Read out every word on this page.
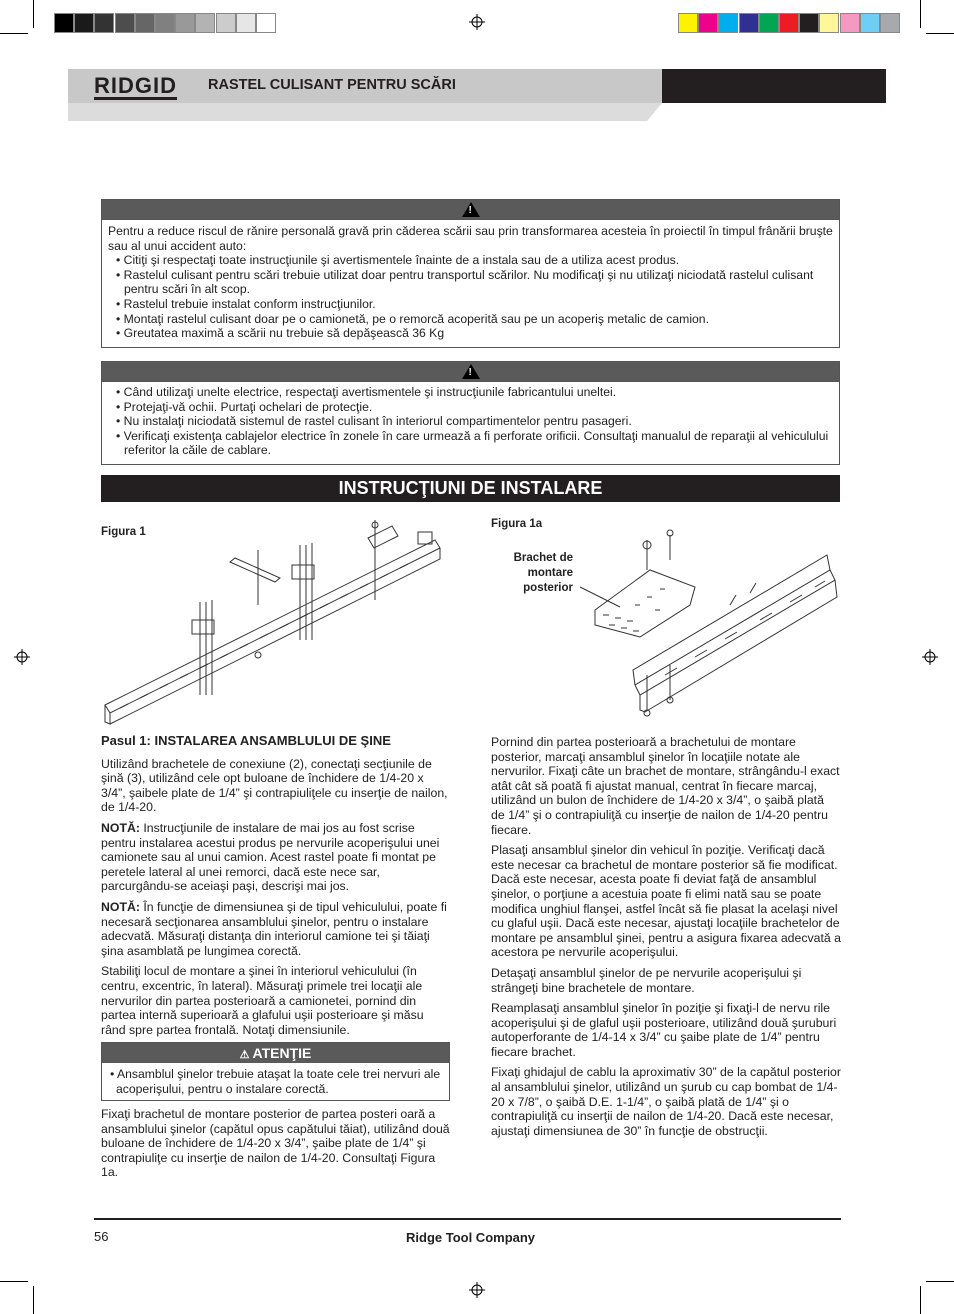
RIDGID RASTEL CULISANT PENTRU SCĂRI
!
Pentru a reduce riscul de rănire personală gravă prin căderea scării sau prin transformarea acesteia în proiectil în timpul frânării bruşte sau al unui accident auto:
• Citiţi şi respectaţi toate instrucţiunile şi avertismentele înainte de a instala sau de a utiliza acest produs.
• Rastelul culisant pentru scări trebuie utilizat doar pentru transportul scărilor. Nu modificaţi şi nu utilizaţi niciodată rastelul culisant pentru scări în alt scop.
• Rastelul trebuie instalat conform instrucţiunilor.
• Montaţi rastelul culisant doar pe o camionetă, pe o remorcă acoperită sau pe un acoperiş metalic de camion.
• Greutatea maximă a scării nu trebuie să depăşească 36 Kg
!
• Când utilizaţi unelte electrice, respectaţi avertismentele şi instrucţiunile fabricantului uneltei.
• Protejaţi-vă ochii. Purtaţi ochelari de protecţie.
• Nu instalaţi niciodată sistemul de rastel culisant în interiorul compartimentelor pentru pasageri.
• Verificaţi existenţa cablajelor electrice în zonele în care urmează a fi perforate orificii. Consultaţi manualul de reparaţii al vehiculului referitor la căile de cablare.
INSTRUCŢIUNI DE INSTALARE
Figura 1
Figura 1a
Brachet de
montare
posterior
Pasul 1: INSTALAREA ANSAMBLULUI DE ŞINE

Utilizând brachetele de conexiune (2), conectaţi secţiunile de şină (3), utilizând cele opt buloane de închidere de 1/4-20 x 3/4”, şaibele plate de 1/4” şi contrapiuliţele cu inserţie de nailon, de 1/4-20.

NOTĂ: Instrucţiunile de instalare de mai jos au fost scrise pentru instalarea acestui produs pe nervurile acoperişului unei camionete sau al unui camion. Acest rastel poate fi montat pe peretele lateral al unei remorci, dacă este nece sar, parcurgându-se aceiaşi paşi, descrişi mai jos.

NOTĂ: În funcţie de dimensiunea şi de tipul vehiculului, poate fi necesară secţionarea ansamblului şinelor, pentru o instalare adecvată. Măsuraţi distanţa din interiorul camione tei şi tăiaţi şina asamblată pe lungimea corectă.

Stabiliţi locul de montare a şinei în interiorul vehiculului (în centru, excentric, în lateral). Măsuraţi primele trei locaţii ale nervurilor din partea posterioară a camionetei, pornind din partea internă superioară a glafului uşii posterioare şi măsu rând spre partea frontală. Notaţi dimensiunile.

⚠ ATENŢIE
• Ansamblul şinelor trebuie ataşat la toate cele trei nervuri ale acoperişului, pentru o instalare corectă.

Fixaţi brachetul de montare posterior de partea posteri oară a ansamblului şinelor (capătul opus capătului tăiat), utilizând două buloane de închidere de 1/4-20 x 3/4”, şaibe plate de 1/4” şi contrapiuliţe cu inserţie de nailon de 1/4-20. Consultaţi Figura 1a.

Pornind din partea posterioară a brachetului de montare posterior, marcaţi ansamblul şinelor în locaţiile notate ale nervurilor. Fixaţi câte un brachet de montare, strângându-l exact atât cât să poată fi ajustat manual, centrat în fiecare marcaj, utilizând un bulon de închidere de 1/4-20 x 3/4”, o şaibă plată de 1/4” şi o contrapiuliţă cu inserţie de nailon de 1/4-20 pentru fiecare.

Plasaţi ansamblul şinelor din vehicul în poziţie. Verificaţi dacă este necesar ca brachetul de montare posterior să fie modificat. Dacă este necesar, acesta poate fi deviat faţă de ansamblul şinelor, o porţiune a acestuia poate fi elimi nată sau se poate modifica unghiul flanşei, astfel încât să fie plasat la acelaşi nivel cu glaful uşii. Dacă este necesar, ajustaţi locaţiile brachetelor de montare pe ansamblul şinei, pentru a asigura fixarea adecvată a acestora pe nervurile acoperişului.

Detaşaţi ansamblul şinelor de pe nervurile acoperişului şi strângeţi bine brachetele de montare.

Reamplasaţi ansamblul şinelor în poziţie şi fixaţi-l de nervu rile acoperişului şi de glaful uşii posterioare, utilizând două şuruburi autoperforante de 1/4-14 x 3/4” cu şaibe plate de 1/4” pentru fiecare brachet.

Fixaţi ghidajul de cablu la aproximativ 30” de la capătul posterior al ansamblului şinelor, utilizând un şurub cu cap bombat de 1/4-20 x 7/8”, o şaibă D.E. 1-1/4”, o şaibă plată de 1/4” şi o contrapiuliţă cu inserţii de nailon de 1/4-20. Dacă este necesar, ajustaţi dimensiunea de 30” în funcţie de obstrucţii.

56	Ridge Tool Company
